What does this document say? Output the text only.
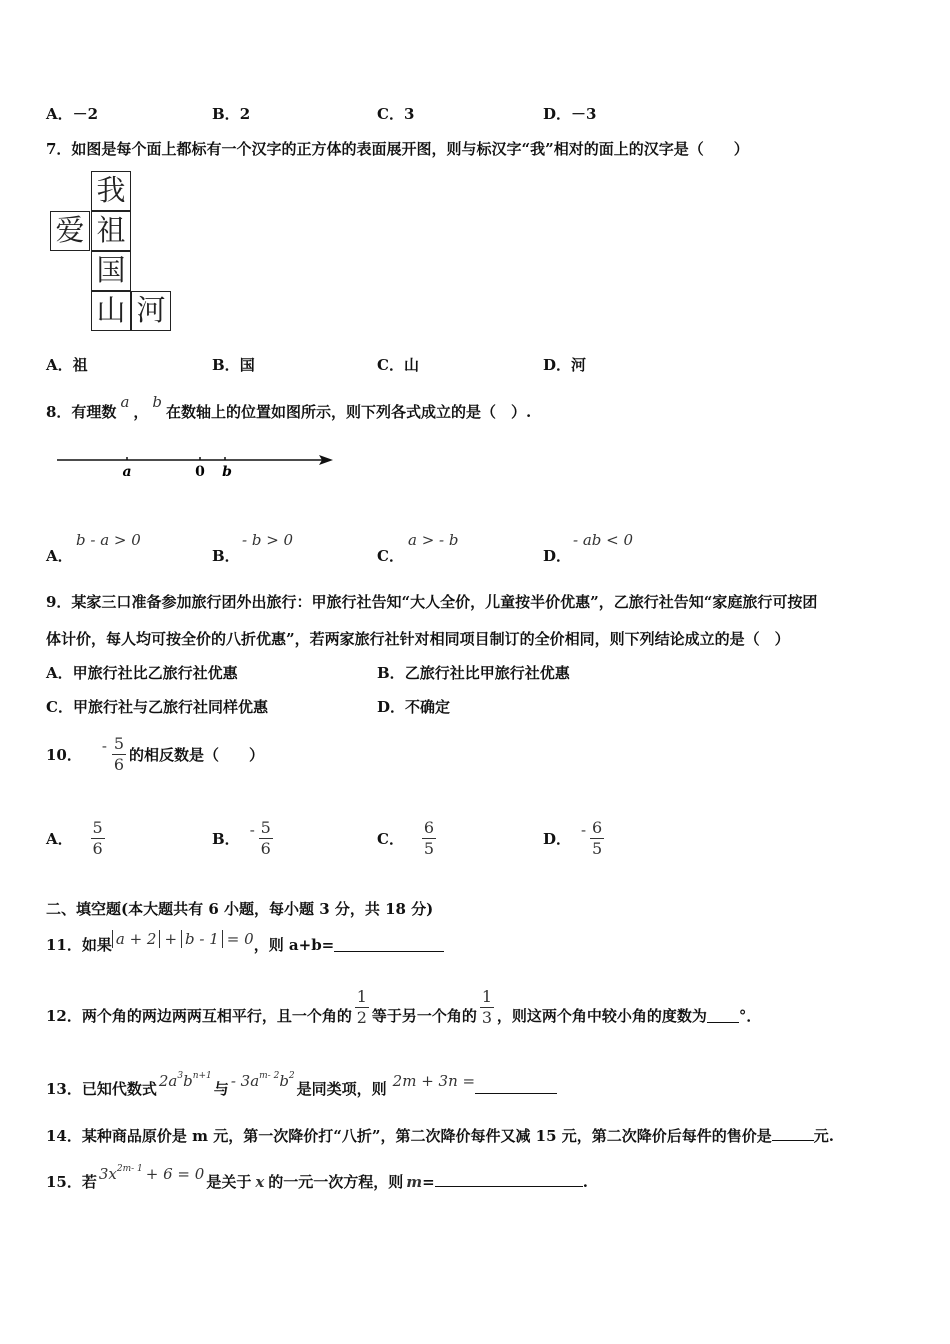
A．－2	B．2	C．3	D．－3
7．如图是每个面上都标有一个汉字的正方体的表面展开图，则与标汉字“我”相对的面上的汉字是（　　）
我
爱 祖
国
山 河
A．祖	B．国	C．山	D．河
8．有理数a，b在数轴上的位置如图所示，则下列各式成立的是（　）.
a	0 b
A．
b - a > 0
B．
- b > 0
C．
a > - b
D．
- ab < 0
9．某家三口准备参加旅行团外出旅行：甲旅行社告知“大人全价，儿童按半价优惠”，乙旅行社告知“家庭旅行可按团
体计价，每人均可按全价的八折优惠”，若两家旅行社针对相同项目制订的全价相同，则下列结论成立的是（　）
A．甲旅行社比乙旅行社优惠	B．乙旅行社比甲旅行社优惠
C．甲旅行社与乙旅行社同样优惠	D．不确定
10． - $\frac{5}{6}$ 的相反数是（　　）
A． $\frac{5}{6}$	B． - $\frac{5}{6}$	C． $\frac{6}{5}$	D． - $\frac{6}{5}$
二、填空题(本大题共有 6 小题，每小题 3 分，共 18 分)
11．如果 a + 2 + b - 1 = 0 ，则 a+b=
12．两个角的两边两两互相平行，且一个角的 $\frac{1}{2}$ 等于另一个角的 $\frac{1}{3}$ ，则这两个角中较小角的度数为 °．
13．已知代数式 $2a^3b^{n+1}$
与 - $3a^{m- 2}b^2$
是同类项，则 2m + 3n =
14．某种商品原价是 m 元，第一次降价打“八折”，第二次降价每件又减 15 元，第二次降价后每件的售价是	元.
15．若 $3x^{2m- 1} + 6 = 0$ 是关于 x 的一元一次方程，则 m =	.
